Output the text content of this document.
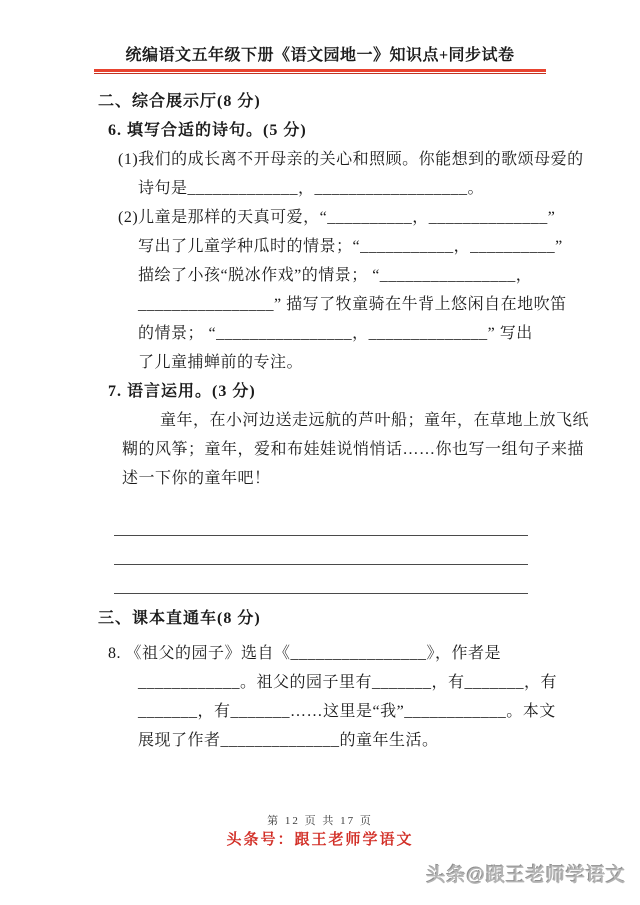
统编语文五年级下册《语文园地一》知识点+同步试卷
二、综合展示厅(8 分)
6. 填写合适的诗句。(5 分)
(1)我们的成长离不开母亲的关心和照顾。你能想到的歌颂母爱的
诗句是_____________，__________________。
(2)儿童是那样的天真可爱，“__________，______________”
写出了儿童学种瓜时的情景；“___________，__________”
描绘了小孩“脱冰作戏”的情景； “________________，
________________” 描写了牧童骑在牛背上悠闲自在地吹笛
的情景； “________________，______________” 写出
了儿童捕蝉前的专注。
7. 语言运用。(3 分)
童年，在小河边送走远航的芦叶船；童年，在草地上放飞纸
糊的风筝；童年，爱和布娃娃说悄悄话……你也写一组句子来描
述一下你的童年吧！
三、课本直通车(8 分)
8. 《祖父的园子》选自《________________》，作者是
____________。祖父的园子里有_______，有_______，有
_______，有_______……这里是“我”____________。本文
展现了作者______________的童年生活。
第 12 页 共 17 页
头条号：跟王老师学语文
头条@跟王老师学语文
